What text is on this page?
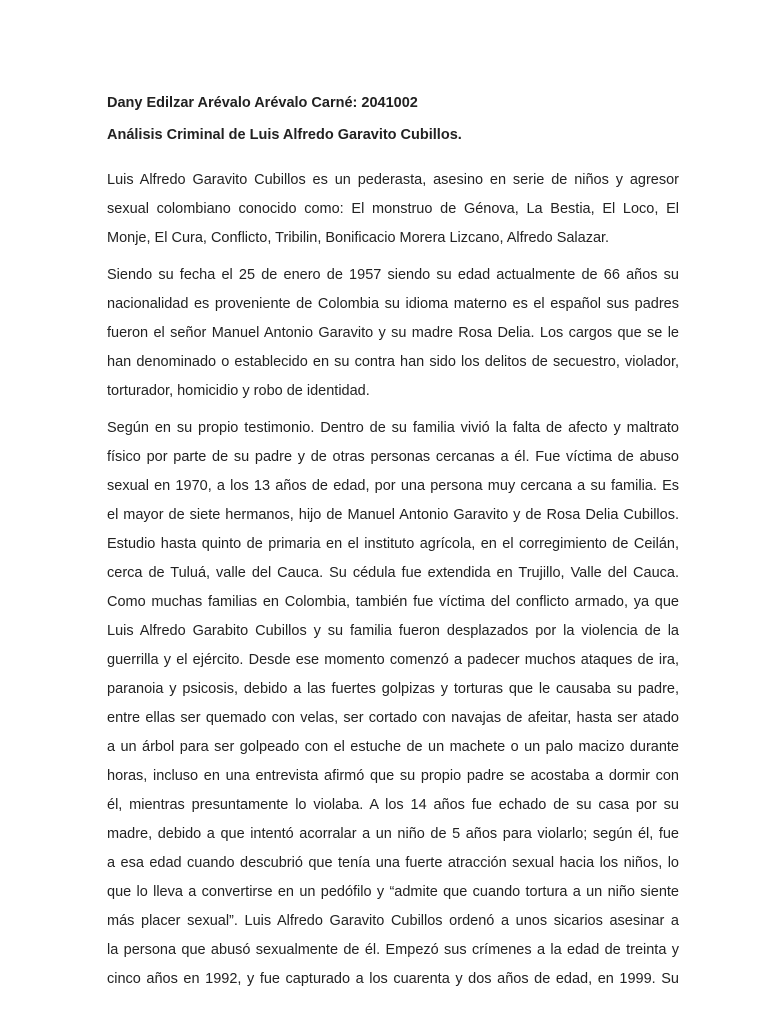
Dany Edilzar Arévalo Arévalo Carné: 2041002

Análisis Criminal de Luis Alfredo Garavito Cubillos.

Luis Alfredo Garavito Cubillos es un pederasta, asesino en serie de niños y agresor
sexual colombiano conocido como: El monstruo de Génova, La Bestia, El Loco, El
Monje, El Cura, Conflicto, Tribilin, Bonificacio Morera Lizcano, Alfredo Salazar.

Siendo su fecha el 25 de enero de 1957 siendo su edad actualmente de 66 años su
nacionalidad es proveniente de Colombia su idioma materno es el español sus padres
fueron el señor Manuel Antonio Garavito y su madre Rosa Delia. Los cargos que se le
han denominado o establecido en su contra han sido los delitos de secuestro, violador,
torturador, homicidio y robo de identidad.

Según en su propio testimonio. Dentro de su familia vivió la falta de afecto y maltrato
físico por parte de su padre y de otras personas cercanas a él. Fue víctima de abuso
sexual en 1970, a los 13 años de edad, por una persona muy cercana a su familia. Es
el mayor de siete hermanos, hijo de Manuel Antonio Garavito y de Rosa Delia Cubillos.
Estudio hasta quinto de primaria en el instituto agrícola, en el corregimiento de Ceilán,
cerca de Tuluá, valle del Cauca. Su cédula fue extendida en Trujillo, Valle del Cauca.
Como muchas familias en Colombia, también fue víctima del conflicto armado, ya que
Luis Alfredo Garabito Cubillos y su familia fueron desplazados por la violencia de la
guerrilla y el ejército. Desde ese momento comenzó a padecer muchos ataques de ira,
paranoia y psicosis, debido a las fuertes golpizas y torturas que le causaba su padre,
entre ellas ser quemado con velas, ser cortado con navajas de afeitar, hasta ser atado
a un árbol para ser golpeado con el estuche de un machete o un palo macizo durante
horas, incluso en una entrevista afirmó que su propio padre se acostaba a dormir con
él, mientras presuntamente lo violaba. A los 14 años fue echado de su casa por su
madre, debido a que intentó acorralar a un niño de 5 años para violarlo; según él, fue
a esa edad cuando descubrió que tenía una fuerte atracción sexual hacia los niños, lo
que lo lleva a convertirse en un pedófilo y “admite que cuando tortura a un niño siente
más placer sexual”. Luis Alfredo Garavito Cubillos ordenó a unos sicarios asesinar a
la persona que abusó sexualmente de él. Empezó sus crímenes a la edad de treinta y
cinco años en 1992, y fue capturado a los cuarenta y dos años de edad, en 1999. Su
